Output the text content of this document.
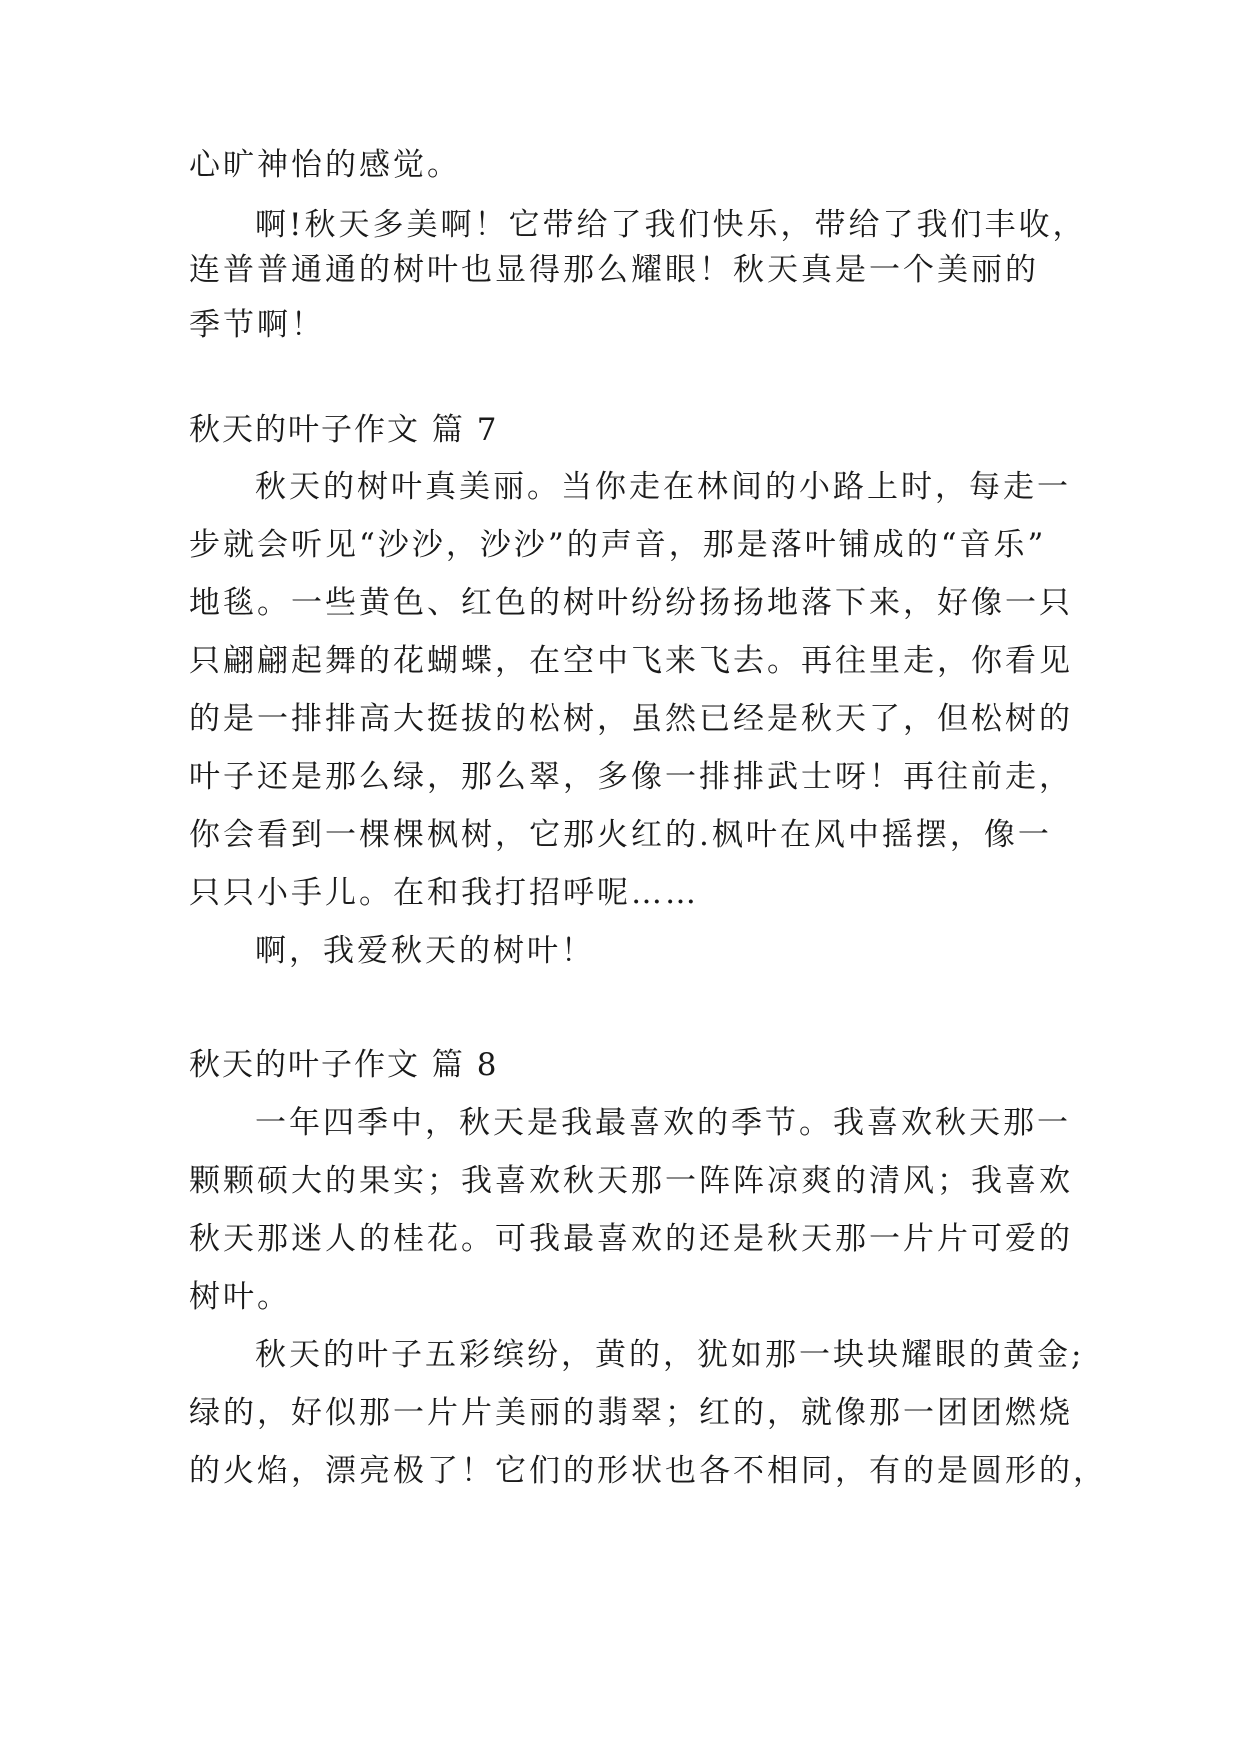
心旷神怡的感觉。
啊!秋天多美啊！它带给了我们快乐，带给了我们丰收，
连普普通通的树叶也显得那么耀眼！秋天真是一个美丽的
季节啊！
秋天的叶子作文 篇 7
秋天的树叶真美丽。当你走在林间的小路上时，每走一
步就会听见“沙沙，沙沙”的声音，那是落叶铺成的“音乐”
地毯。一些黄色、红色的树叶纷纷扬扬地落下来，好像一只
只翩翩起舞的花蝴蝶，在空中飞来飞去。再往里走，你看见
的是一排排高大挺拔的松树，虽然已经是秋天了，但松树的
叶子还是那么绿，那么翠，多像一排排武士呀！再往前走，
你会看到一棵棵枫树，它那火红的.枫叶在风中摇摆，像一
只只小手儿。在和我打招呼呢……
啊，我爱秋天的树叶！
秋天的叶子作文 篇 8
一年四季中，秋天是我最喜欢的季节。我喜欢秋天那一
颗颗硕大的果实；我喜欢秋天那一阵阵凉爽的清风；我喜欢
秋天那迷人的桂花。可我最喜欢的还是秋天那一片片可爱的
树叶。
秋天的叶子五彩缤纷，黄的，犹如那一块块耀眼的黄金;
绿的，好似那一片片美丽的翡翠；红的，就像那一团团燃烧
的火焰，漂亮极了！它们的形状也各不相同，有的是圆形的，
